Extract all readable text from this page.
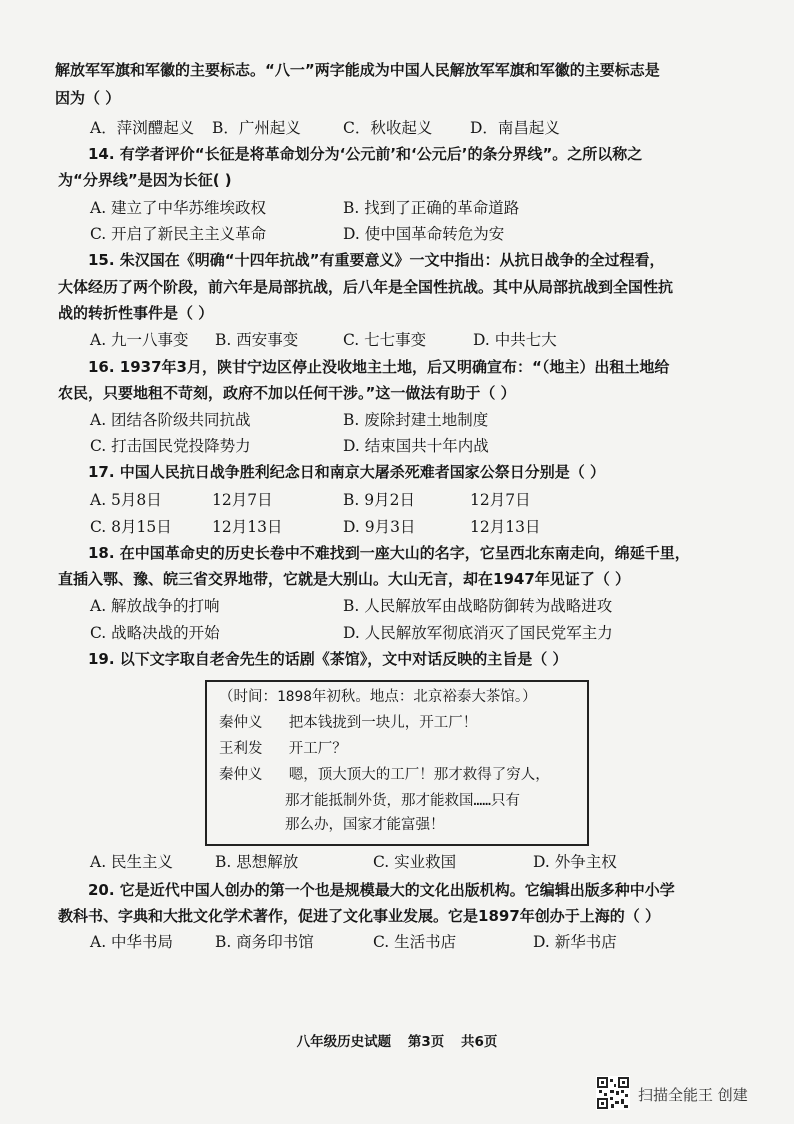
解放军军旗和军徽的主要标志。“八一”两字能成为中国人民解放军军旗和军徽的主要标志是
因为（ ）
A．萍浏醴起义 B．广州起义	C．秋收起义 D．南昌起义
14. 有学者评价“长征是将革命划分为‘公元前’和‘公元后’的条分界线”。之所以称之
为“分界线”是因为长征( )
A. 建立了中华苏维埃政权	B. 找到了正确的革命道路
C. 开启了新民主主义革命	D. 使中国革命转危为安
15. 朱汉国在《明确“十四年抗战”有重要意义》一文中指出：从抗日战争的全过程看，
大体经历了两个阶段，前六年是局部抗战，后八年是全国性抗战。其中从局部抗战到全国性抗
战的转折性事件是（ ）
A. 九一八事变 B. 西安事变	C. 七七事变	D. 中共七大
16. 1937年3月，陕甘宁边区停止没收地主土地，后又明确宣布：“（地主）出租土地给
农民，只要地租不苛刻，政府不加以任何干涉。”这一做法有助于（ ）
A. 团结各阶级共同抗战	B. 废除封建土地制度
C. 打击国民党投降势力	D. 结束国共十年内战
17. 中国人民抗日战争胜利纪念日和南京大屠杀死难者国家公祭日分别是（ ）
A. 5月8日	12月7日	B. 9月2日	12月7日
C. 8月15日	12月13日	D. 9月3日	12月13日
18. 在中国革命史的历史长卷中不难找到一座大山的名字，它呈西北东南走向，绵延千里，
直插入鄂、豫、皖三省交界地带，它就是大别山。大山无言，却在1947年见证了（ ）
A. 解放战争的打响	B. 人民解放军由战略防御转为战略进攻
C. 战略决战的开始	D. 人民解放军彻底消灭了国民党军主力
19. 以下文字取自老舍先生的话剧《茶馆》，文中对话反映的主旨是（ ）
（时间：1898年初秋。地点：北京裕泰大茶馆。）
秦仲义 把本钱拢到一块儿，开工厂！
王利发 开工厂？
秦仲义 嗯，顶大顶大的工厂！那才救得了穷人，
那才能抵制外货，那才能救国……只有
那么办，国家才能富强！
A. 民生主义	B. 思想解放	C. 实业救国	D. 外争主权
20. 它是近代中国人创办的第一个也是规模最大的文化出版机构。它编辑出版多种中小学
教科书、字典和大批文化学术著作，促进了文化事业发展。它是1897年创办于上海的（ ）
A. 中华书局	B. 商务印书馆	C. 生活书店	D. 新华书店
八年级历史试题 第3页 共6页
扫描全能王 创建
